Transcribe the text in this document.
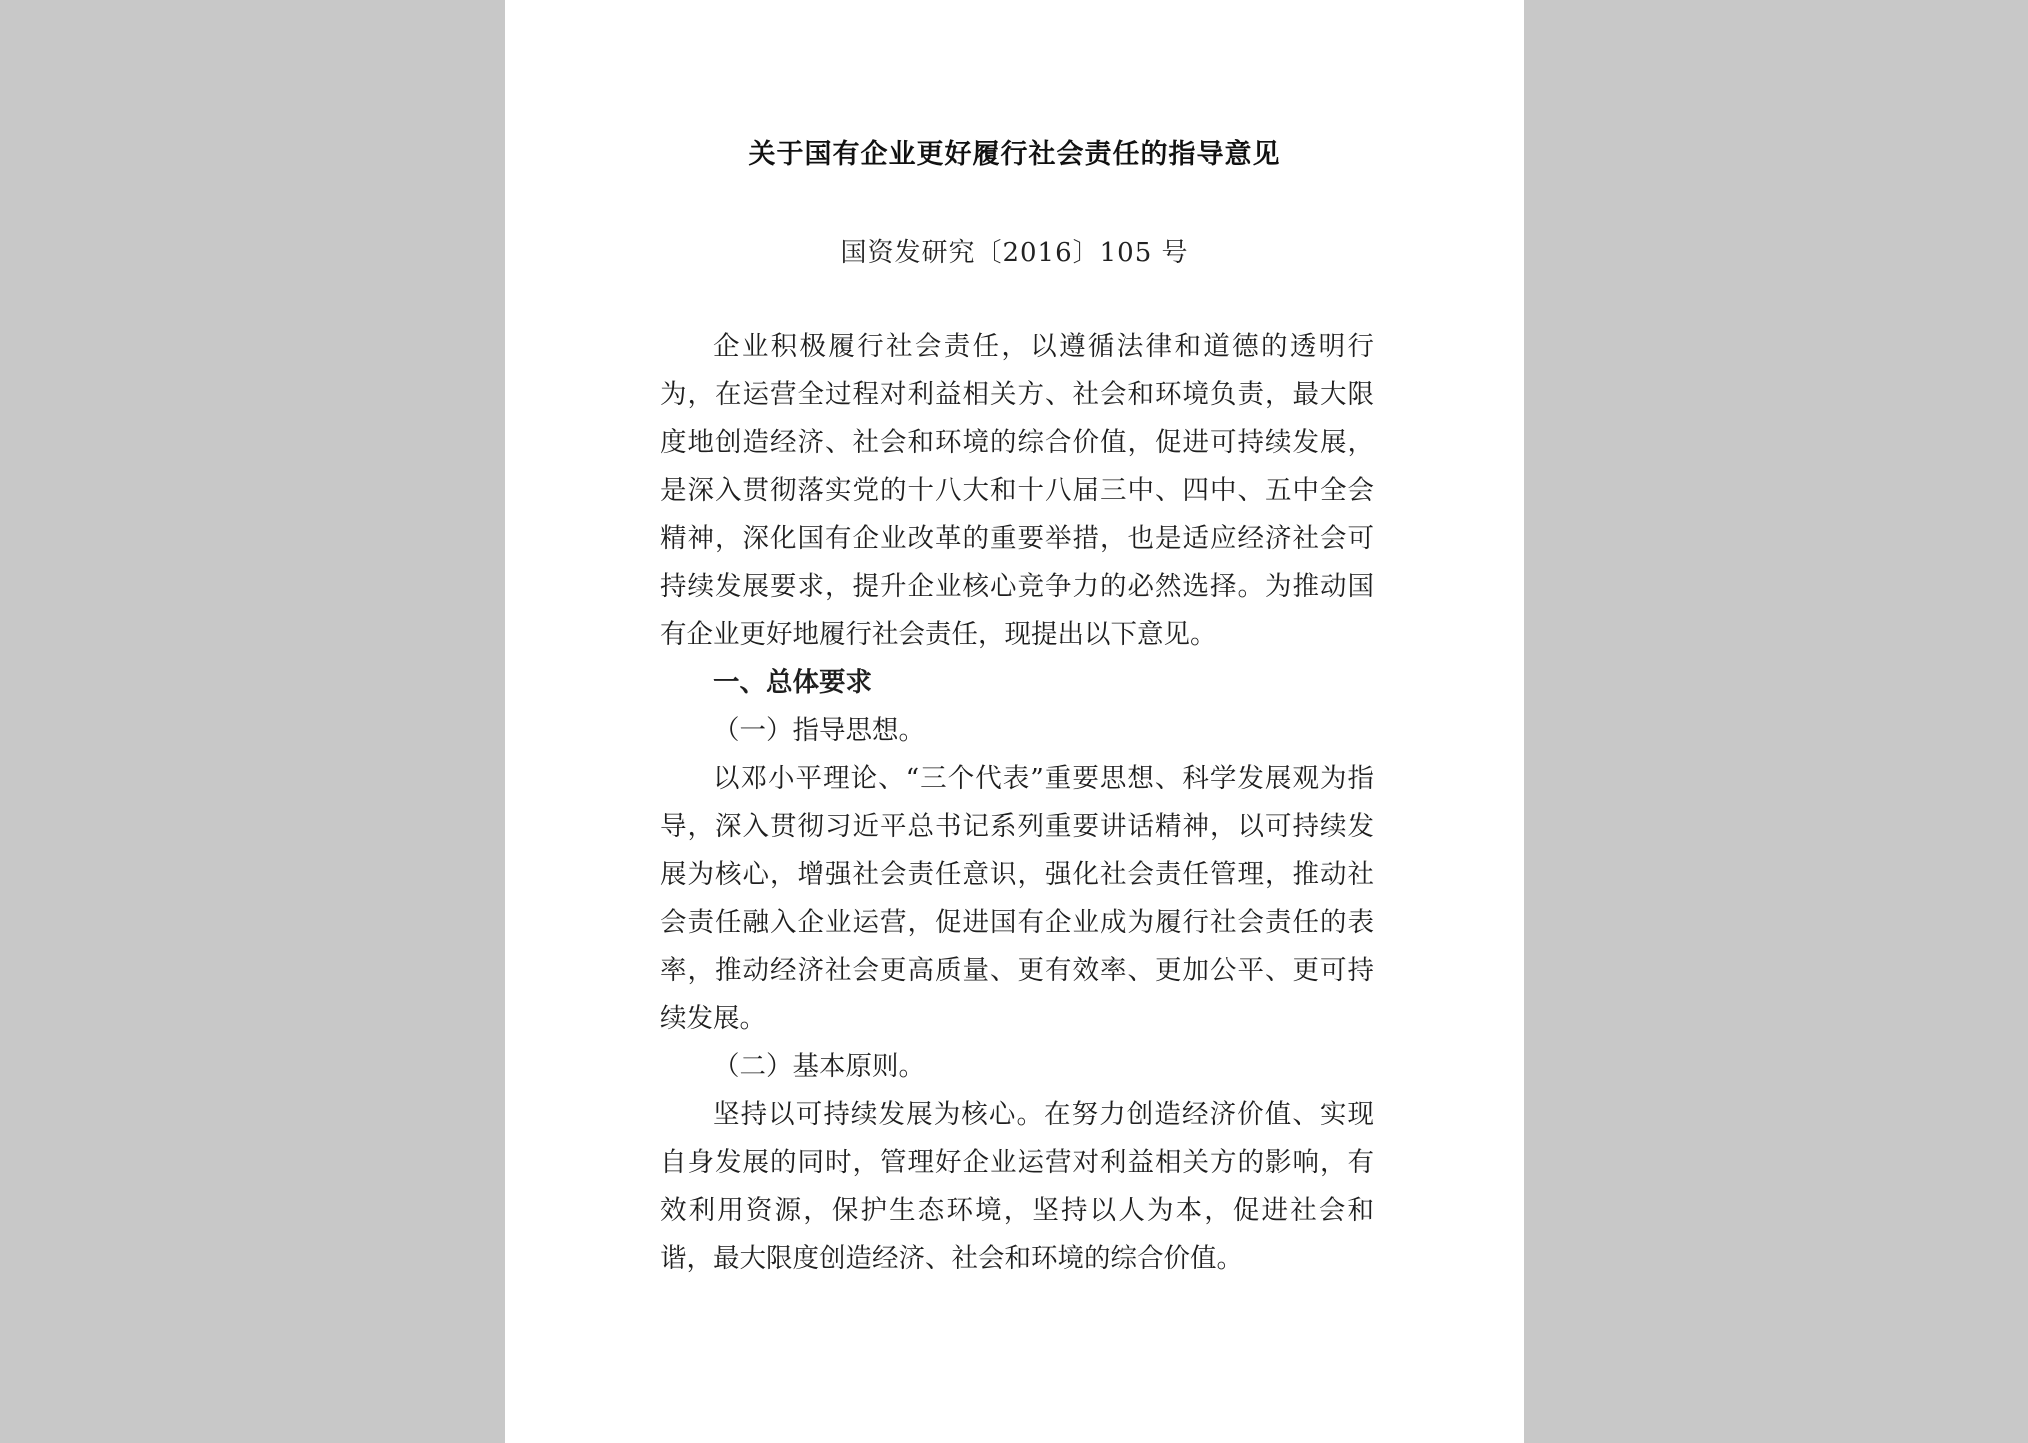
关于国有企业更好履行社会责任的指导意见
国资发研究〔2016〕105 号

企业积极履行社会责任，以遵循法律和道德的透明行为，在运营全过程对利益相关方、社会和环境负责，最大限度地创造经济、社会和环境的综合价值，促进可持续发展，是深入贯彻落实党的十八大和十八届三中、四中、五中全会精神，深化国有企业改革的重要举措，也是适应经济社会可持续发展要求，提升企业核心竞争力的必然选择。为推动国有企业更好地履行社会责任，现提出以下意见。

一、总体要求

（一）指导思想。

以邓小平理论、“三个代表”重要思想、科学发展观为指导，深入贯彻习近平总书记系列重要讲话精神，以可持续发展为核心，增强社会责任意识，强化社会责任管理，推动社会责任融入企业运营，促进国有企业成为履行社会责任的表率，推动经济社会更高质量、更有效率、更加公平、更可持续发展。

（二）基本原则。

坚持以可持续发展为核心。在努力创造经济价值、实现自身发展的同时，管理好企业运营对利益相关方的影响，有效利用资源，保护生态环境，坚持以人为本，促进社会和谐，最大限度创造经济、社会和环境的综合价值。
